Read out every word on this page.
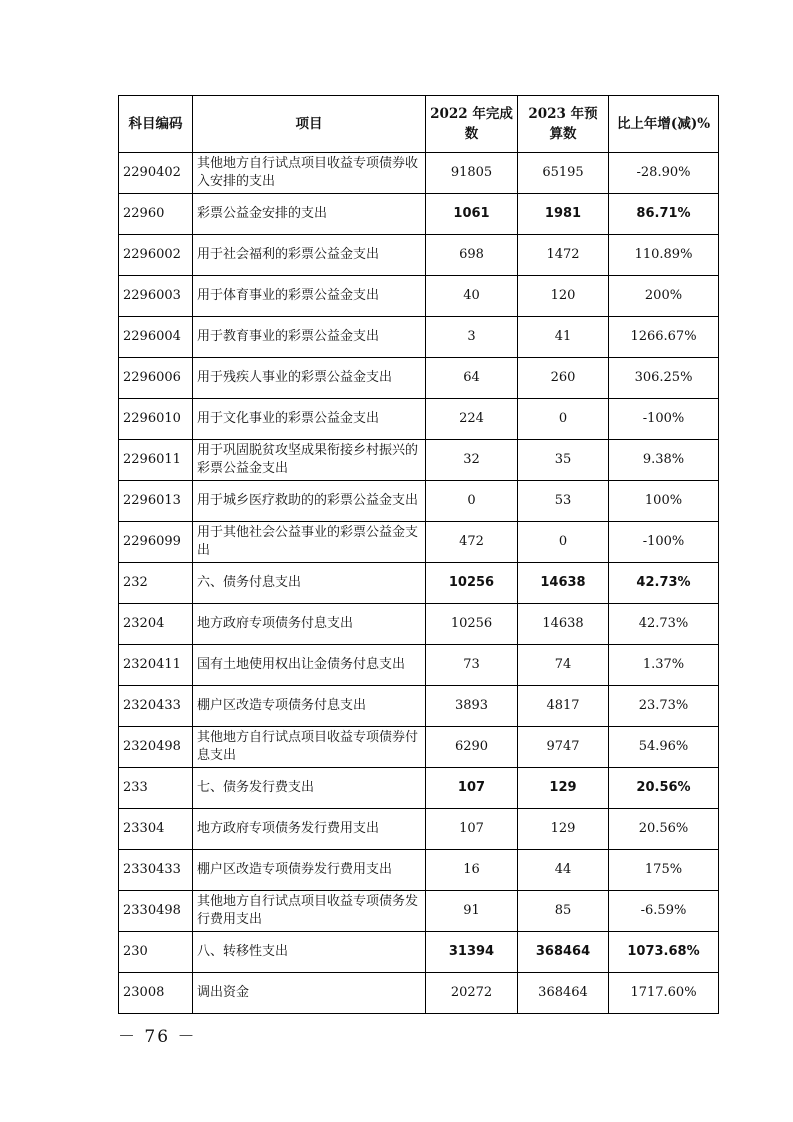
科目编码	项目	2022 年完成数	2023 年预算数	比上年增(减)%
2290402	其他地方自行试点项目收益专项债券收入安排的支出	91805	65195	-28.90%
22960	彩票公益金安排的支出	1061	1981	86.71%
2296002	用于社会福利的彩票公益金支出	698	1472	110.89%
2296003	用于体育事业的彩票公益金支出	40	120	200%
2296004	用于教育事业的彩票公益金支出	3	41	1266.67%
2296006	用于残疾人事业的彩票公益金支出	64	260	306.25%
2296010	用于文化事业的彩票公益金支出	224	0	-100%
2296011	用于巩固脱贫攻坚成果衔接乡村振兴的彩票公益金支出	32	35	9.38%
2296013	用于城乡医疗救助的的彩票公益金支出	0	53	100%
2296099	用于其他社会公益事业的彩票公益金支出	472	0	-100%
232	六、债务付息支出	10256	14638	42.73%
23204	地方政府专项债务付息支出	10256	14638	42.73%
2320411	国有土地使用权出让金债务付息支出	73	74	1.37%
2320433	棚户区改造专项债务付息支出	3893	4817	23.73%
2320498	其他地方自行试点项目收益专项债券付息支出	6290	9747	54.96%
233	七、债务发行费支出	107	129	20.56%
23304	地方政府专项债务发行费用支出	107	129	20.56%
2330433	棚户区改造专项债券发行费用支出	16	44	175%
2330498	其他地方自行试点项目收益专项债务发行费用支出	91	85	-6.59%
230	八、转移性支出	31394	368464	1073.68%
23008	调出资金	20272	368464	1717.60%
－ 76 －
